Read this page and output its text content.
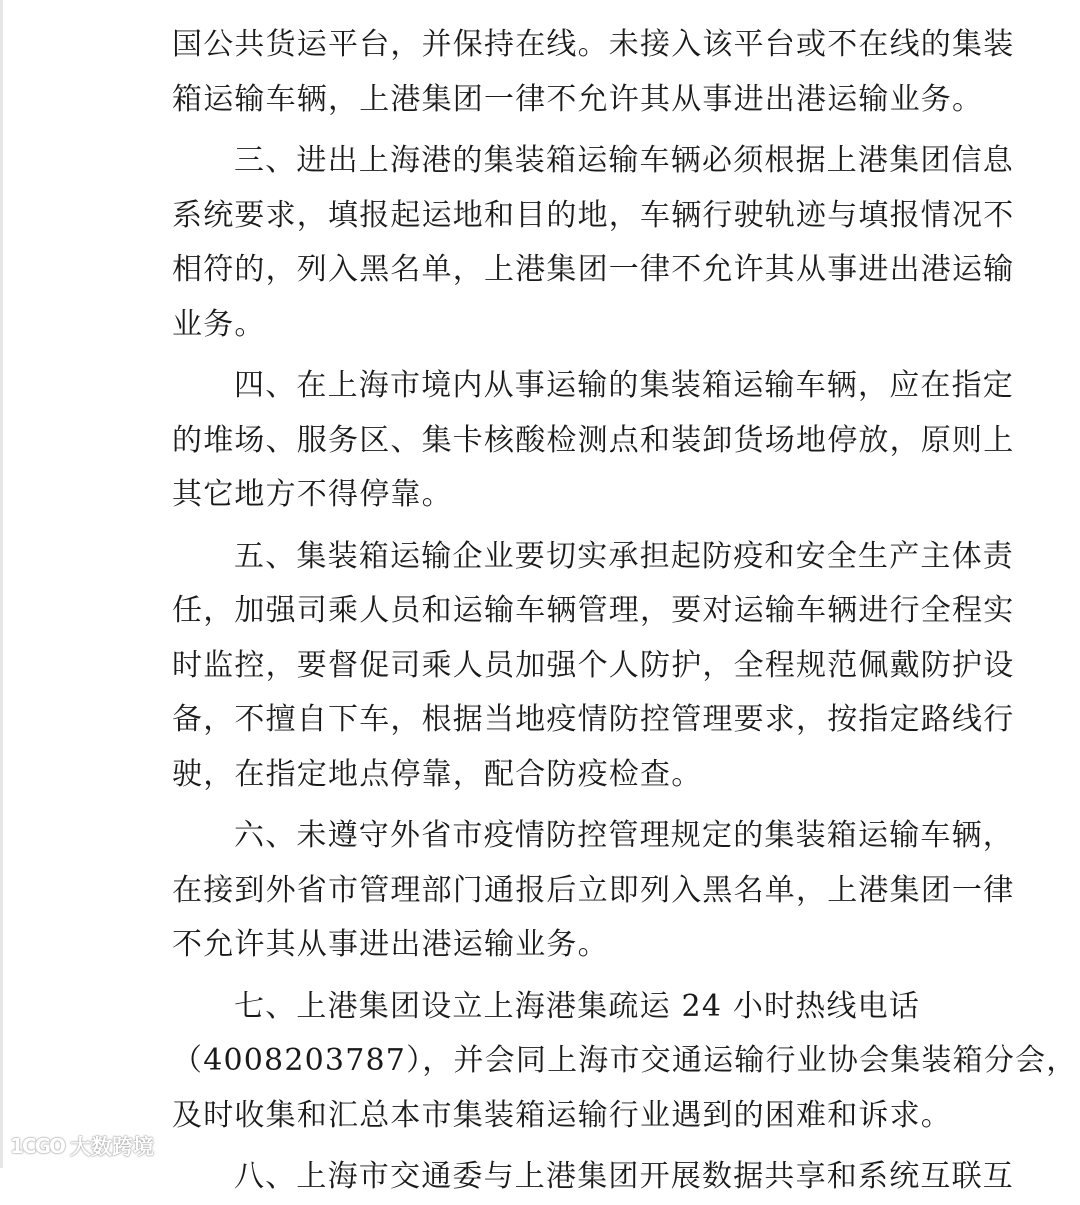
国公共货运平台，并保持在线。未接入该平台或不在线的集装
箱运输车辆，上港集团一律不允许其从事进出港运输业务。
三、进出上海港的集装箱运输车辆必须根据上港集团信息
系统要求，填报起运地和目的地，车辆行驶轨迹与填报情况不
相符的，列入黑名单，上港集团一律不允许其从事进出港运输
业务。
四、在上海市境内从事运输的集装箱运输车辆，应在指定
的堆场、服务区、集卡核酸检测点和装卸货场地停放，原则上
其它地方不得停靠。
五、集装箱运输企业要切实承担起防疫和安全生产主体责
任，加强司乘人员和运输车辆管理，要对运输车辆进行全程实
时监控，要督促司乘人员加强个人防护，全程规范佩戴防护设
备，不擅自下车，根据当地疫情防控管理要求，按指定路线行
驶，在指定地点停靠，配合防疫检查。
六、未遵守外省市疫情防控管理规定的集装箱运输车辆，
在接到外省市管理部门通报后立即列入黑名单，上港集团一律
不允许其从事进出港运输业务。
七、上港集团设立上海港集疏运 24 小时热线电话
（4008203787），并会同上海市交通运输行业协会集装箱分会，
及时收集和汇总本市集装箱运输行业遇到的困难和诉求。
八、上海市交通委与上港集团开展数据共享和系统互联互
1CGO 大数跨境
